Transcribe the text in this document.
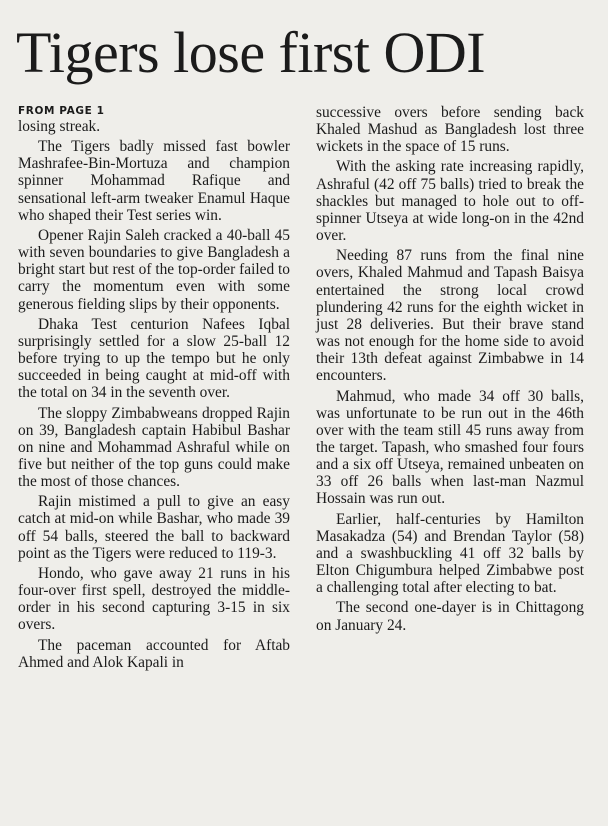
Tigers lose first ODI
FROM PAGE 1

losing streak.

The Tigers badly missed fast bowler Mashrafee-Bin-Mortuza and champion spinner Mohammad Rafique and sensational left-arm tweaker Enamul Haque who shaped their Test series win.

Opener Rajin Saleh cracked a 40-ball 45 with seven boundaries to give Bangladesh a bright start but rest of the top-order failed to carry the momentum even with some generous fielding slips by their opponents.

Dhaka Test centurion Nafees Iqbal surprisingly settled for a slow 25-ball 12 before trying to up the tempo but he only succeeded in being caught at mid-off with the total on 34 in the seventh over.

The sloppy Zimbabweans dropped Rajin on 39, Bangladesh captain Habibul Bashar on nine and Mohammad Ashraful while on five but neither of the top guns could make the most of those chances.

Rajin mistimed a pull to give an easy catch at mid-on while Bashar, who made 39 off 54 balls, steered the ball to backward point as the Tigers were reduced to 119-3.

Hondo, who gave away 21 runs in his four-over first spell, destroyed the middle-order in his second capturing 3-15 in six overs.

The paceman accounted for Aftab Ahmed and Alok Kapali in

successive overs before sending back Khaled Mashud as Bangladesh lost three wickets in the space of 15 runs.

With the asking rate increasing rapidly, Ashraful (42 off 75 balls) tried to break the shackles but managed to hole out to off-spinner Utseya at wide long-on in the 42nd over.

Needing 87 runs from the final nine overs, Khaled Mahmud and Tapash Baisya entertained the strong local crowd plundering 42 runs for the eighth wicket in just 28 deliveries. But their brave stand was not enough for the home side to avoid their 13th defeat against Zimbabwe in 14 encounters.

Mahmud, who made 34 off 30 balls, was unfortunate to be run out in the 46th over with the team still 45 runs away from the target. Tapash, who smashed four fours and a six off Utseya, remained unbeaten on 33 off 26 balls when last-man Nazmul Hossain was run out.

Earlier, half-centuries by Hamilton Masakadza (54) and Brendan Taylor (58) and a swashbuckling 41 off 32 balls by Elton Chigumbura helped Zimbabwe post a challenging total after electing to bat.

The second one-dayer is in Chittagong on January 24.
